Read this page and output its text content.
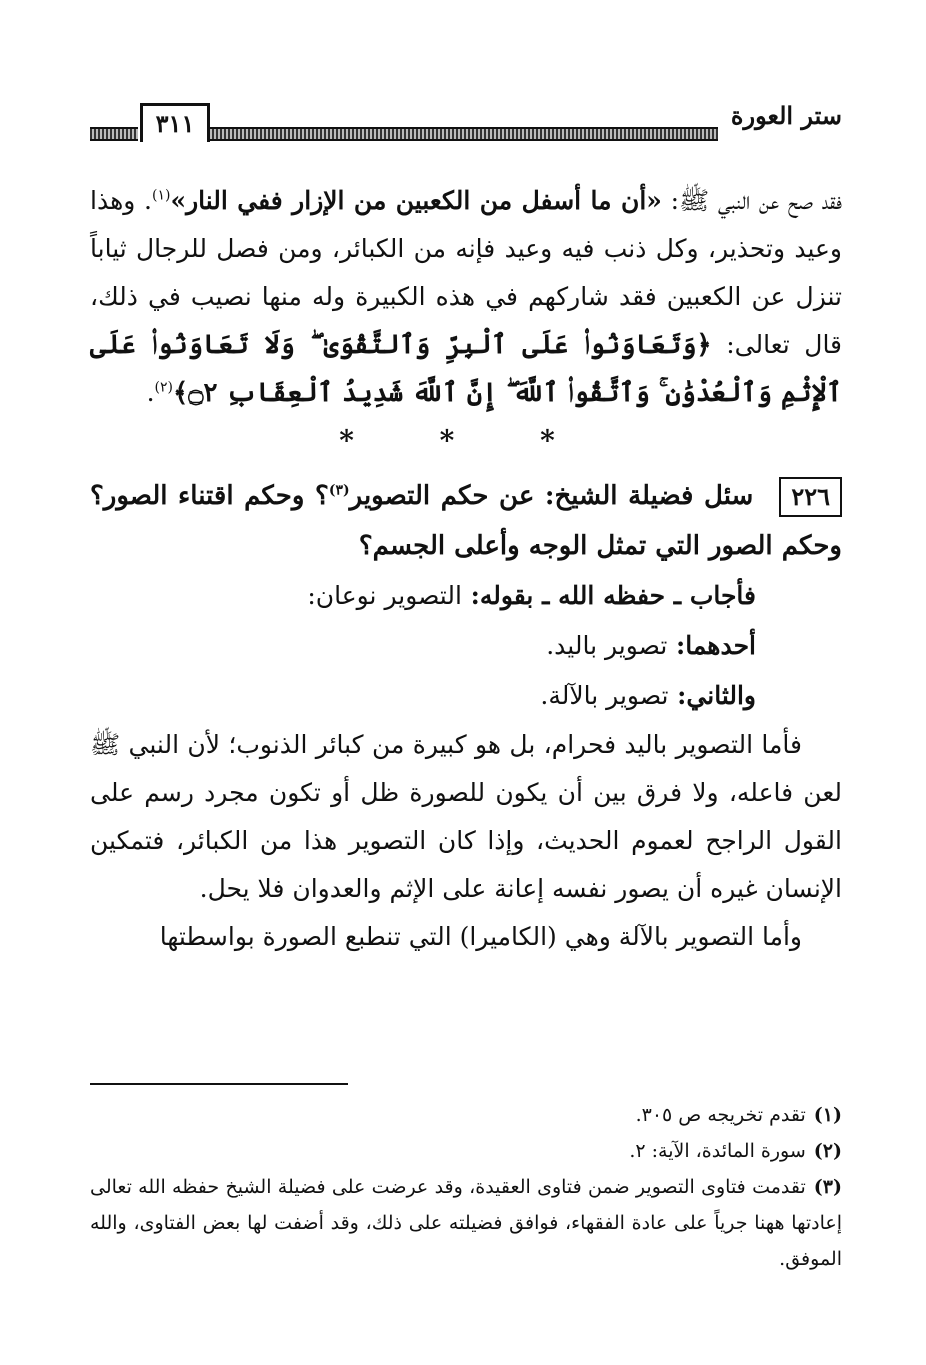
ستر العورة
٣١١

فقد صح عن النبي ﷺ: «أن ما أسفل من الكعبين من الإزار ففي النار»$^{(١)}$. وهذا وعيد وتحذير، وكل ذنب فيه وعيد فإنه من الكبائر، ومن فصل للرجال ثياباً تنزل عن الكعبين فقد شاركهم في هذه الكبيرة وله منها نصيب في ذلك، قال تعالى: ﴿وَتَعَاوَنُوا۟ عَلَى ٱلْبِرِّ وَٱلتَّقْوَىٰ ۖ وَلَا تَعَاوَنُوا۟ عَلَى ٱلْإِثْمِ وَٱلْعُدْوَٰنِ ۚ وَٱتَّقُوا۟ ٱللَّهَ ۖ إِنَّ ٱللَّهَ شَدِيدُ ٱلْعِقَابِ ۝٢﴾$^{(٢)}$.

* * *

٢٢٦سئل فضيلة الشيخ: عن حكم التصوير$^{(٣)}$؟ وحكم اقتناء الصور؟ وحكم الصور التي تمثل الوجه وأعلى الجسم؟

فأجاب ـ حفظه الله ـ بقوله: التصوير نوعان:

أحدهما: تصوير باليد.

والثاني: تصوير بالآلة.

فأما التصوير باليد فحرام، بل هو كبيرة من كبائر الذنوب؛ لأن النبي ﷺ لعن فاعله، ولا فرق بين أن يكون للصورة ظل أو تكون مجرد رسم على القول الراجح لعموم الحديث، وإذا كان التصوير هذا من الكبائر، فتمكين الإنسان غيره أن يصور نفسه إعانة على الإثم والعدوان فلا يحل.

وأما التصوير بالآلة وهي (الكاميرا) التي تنطبع الصورة بواسطتها

(١)تقدم تخريجه ص ٣٠٥.

(٢)سورة المائدة، الآية: ٢.

(٣)تقدمت فتاوى التصوير ضمن فتاوى العقيدة، وقد عرضت على فضيلة الشيخ حفظه الله تعالى إعادتها ههنا جرياً على عادة الفقهاء، فوافق فضيلته على ذلك، وقد أضفت لها بعض الفتاوى، والله الموفق.
